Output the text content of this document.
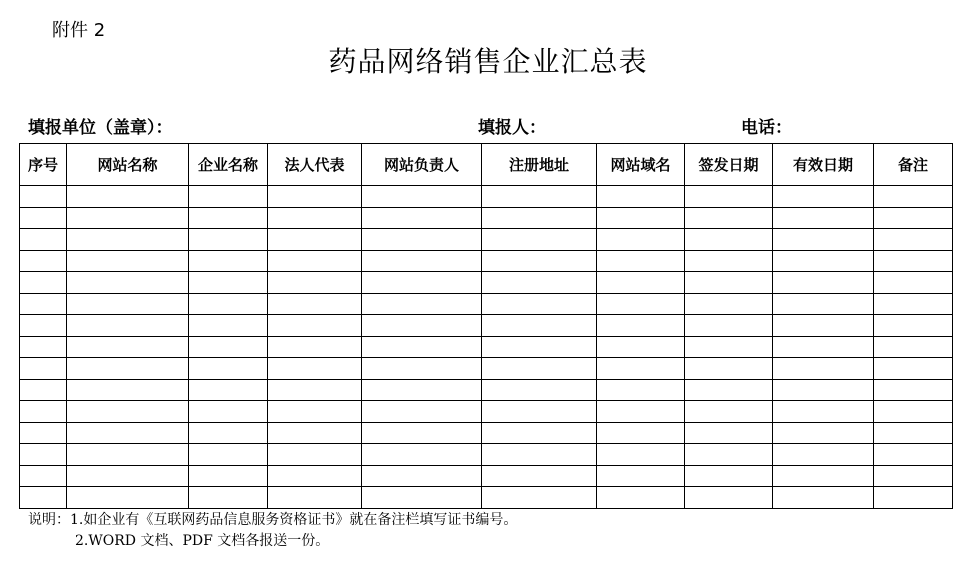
附件 2
药品网络销售企业汇总表
填报单位（盖章）：	填报人：	电话：
序号	网站名称	企业名称	法人代表	网站负责人	注册地址	网站域名	签发日期	有效日期	备注

说明：1.如企业有《互联网药品信息服务资格证书》就在备注栏填写证书编号。
2.WORD 文档、PDF 文档各报送一份。
